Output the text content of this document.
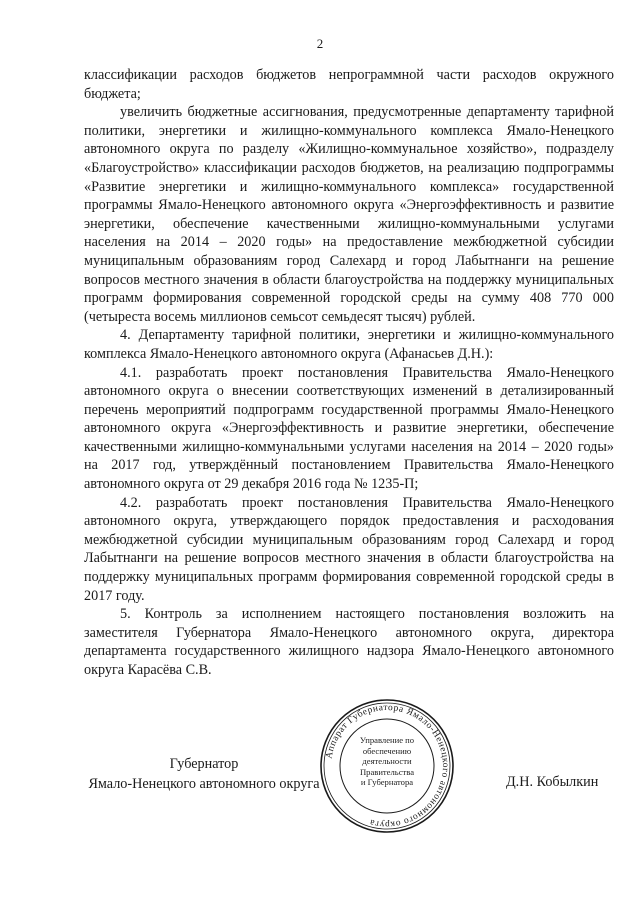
2

классификации расходов бюджетов непрограммной части расходов окружного бюджета;

увеличить бюджетные ассигнования, предусмотренные департаменту тарифной политики, энергетики и жилищно-коммунального комплекса Ямало-Ненецкого автономного округа по разделу «Жилищно-коммунальное хозяйство», подразделу «Благоустройство» классификации расходов бюджетов, на реализацию подпрограммы «Развитие энергетики и жилищно-коммунального комплекса» государственной программы Ямало-Ненецкого автономного округа «Энергоэффективность и развитие энергетики, обеспечение качественными жилищно-коммунальными услугами населения на 2014 – 2020 годы» на предоставление межбюджетной субсидии муниципальным образованиям город Салехард и город Лабытнанги на решение вопросов местного значения в области благоустройства на поддержку муниципальных программ формирования современной городской среды на сумму 408 770 000 (четыреста восемь миллионов семьсот семьдесят тысяч) рублей.

4. Департаменту тарифной политики, энергетики и жилищно-коммунального комплекса Ямало-Ненецкого автономного округа (Афанасьев Д.Н.):

4.1. разработать проект постановления Правительства Ямало-Ненецкого автономного округа о внесении соответствующих изменений в детализированный перечень мероприятий подпрограмм государственной программы Ямало-Ненецкого автономного округа «Энергоэффективность и развитие энергетики, обеспечение качественными жилищно-коммунальными услугами населения на 2014 – 2020 годы» на 2017 год, утверждённый постановлением Правительства Ямало-Ненецкого автономного округа от 29 декабря 2016 года № 1235-П;

4.2. разработать проект постановления Правительства Ямало-Ненецкого автономного округа, утверждающего порядок предоставления и расходования межбюджетной субсидии муниципальным образованиям город Салехард и город Лабытнанги на решение вопросов местного значения в области благоустройства на поддержку муниципальных программ формирования современной городской среды в 2017 году.

5. Контроль за исполнением настоящего постановления возложить на заместителя Губернатора Ямало-Ненецкого автономного округа, директора департамента государственного жилищного надзора Ямало-Ненецкого автономного округа Карасёва С.В.

Губернатор
Ямало-Ненецкого автономного округа
Аппарат Губернатора Ямало-Ненецкого автономного округа
Управление по
обеспечению
деятельности
Правительства
и Губернатора	Д.Н. Кобылкин
